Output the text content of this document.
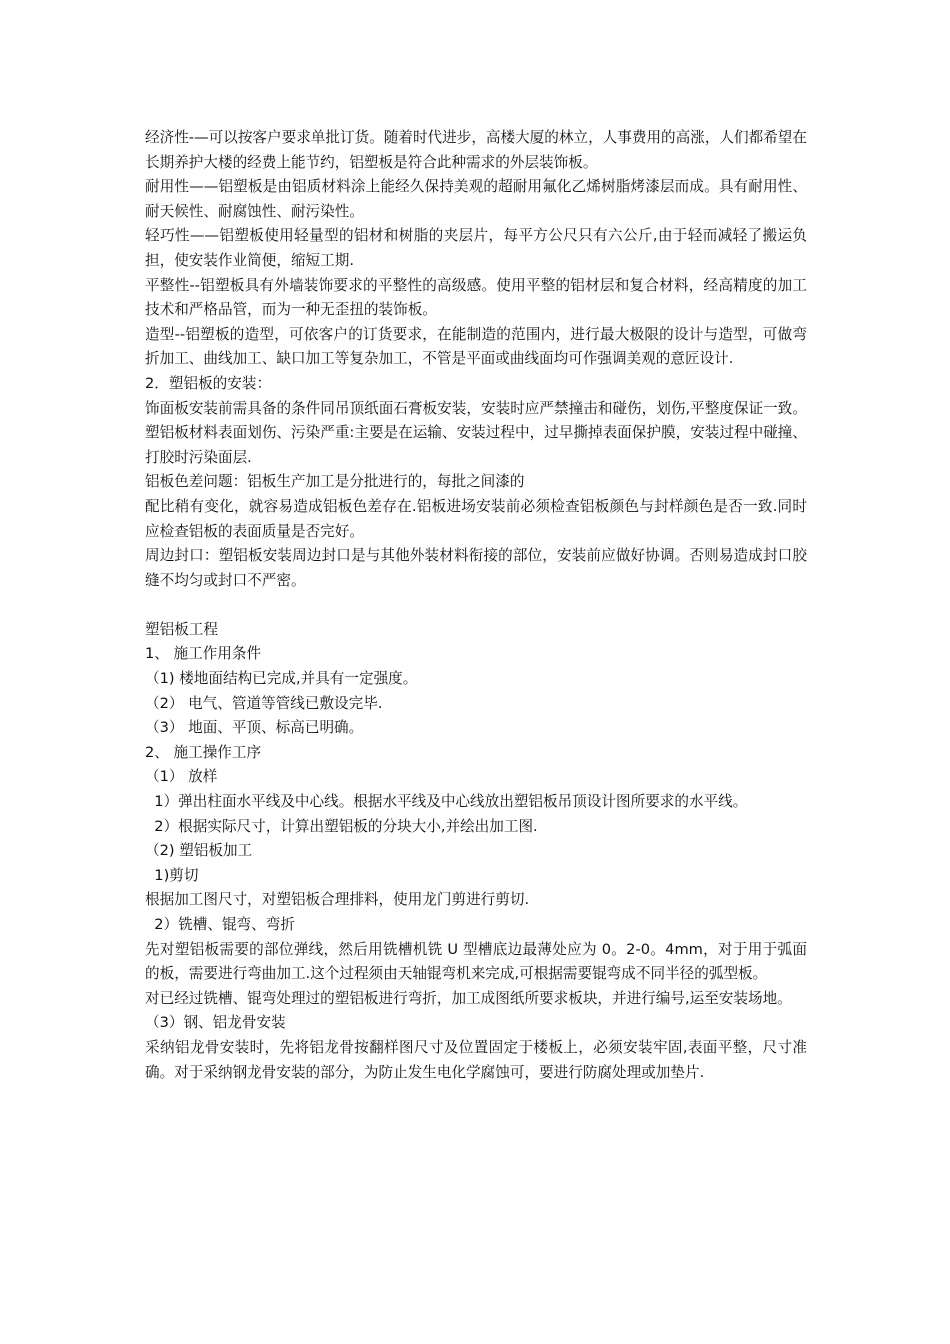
经济性-—可以按客户要求单批订货。随着时代进步，高楼大厦的林立，人事费用的高涨，人们都希望在长期养护大楼的经费上能节约，铝塑板是符合此种需求的外层装饰板。

耐用性——铝塑板是由铝质材料涂上能经久保持美观的超耐用氟化乙烯树脂烤漆层而成。具有耐用性、耐天候性、耐腐蚀性、耐污染性。

轻巧性——铝塑板使用轻量型的铝材和树脂的夹层片，每平方公尺只有六公斤,由于轻而减轻了搬运负担，使安装作业简便，缩短工期.

平整性--铝塑板具有外墙装饰要求的平整性的高级感。使用平整的铝材层和复合材料，经高精度的加工技术和严格品管，而为一种无歪扭的装饰板。

造型--铝塑板的造型，可依客户的订货要求，在能制造的范围内，进行最大极限的设计与造型，可做弯折加工、曲线加工、缺口加工等复杂加工，不管是平面或曲线面均可作强调美观的意匠设计.

2．塑铝板的安装：

饰面板安装前需具备的条件同吊顶纸面石膏板安装，安装时应严禁撞击和碰伤，划伤,平整度保证一致。塑铝板材料表面划伤、污染严重:主要是在运输、安装过程中，过早撕掉表面保护膜，安装过程中碰撞、打胶时污染面层.

铝板色差问题：铝板生产加工是分批进行的，每批之间漆的

配比稍有变化，就容易造成铝板色差存在.铝板进场安装前必须检查铝板颜色与封样颜色是否一致.同时应检查铝板的表面质量是否完好。

周边封口：塑铝板安装周边封口是与其他外装材料衔接的部位，安装前应做好协调。否则易造成封口胶缝不均匀或封口不严密。

塑铝板工程

1、 施工作用条件

（1) 楼地面结构已完成,并具有一定强度。

（2） 电气、管道等管线已敷设完毕.

（3） 地面、平顶、标高已明确。

2、 施工操作工序

（1） 放样

1）弹出柱面水平线及中心线。根据水平线及中心线放出塑铝板吊顶设计图所要求的水平线。

2）根据实际尺寸，计算出塑铝板的分块大小,并绘出加工图.

（2) 塑铝板加工

1)剪切

根据加工图尺寸，对塑铝板合理排料，使用龙门剪进行剪切.

2）铣槽、锟弯、弯折

先对塑铝板需要的部位弹线，然后用铣槽机铣 U 型槽底边最薄处应为 0。2-0。4mm，对于用于弧面的板，需要进行弯曲加工.这个过程须由天轴锟弯机来完成,可根据需要锟弯成不同半径的弧型板。

对已经过铣槽、锟弯处理过的塑铝板进行弯折，加工成图纸所要求板块，并进行编号,运至安装场地。

（3）钢、铝龙骨安装

采纳铝龙骨安装时，先将铝龙骨按翻样图尺寸及位置固定于楼板上，必须安装牢固,表面平整，尺寸准确。对于采纳钢龙骨安装的部分，为防止发生电化学腐蚀可，要进行防腐处理或加垫片.
